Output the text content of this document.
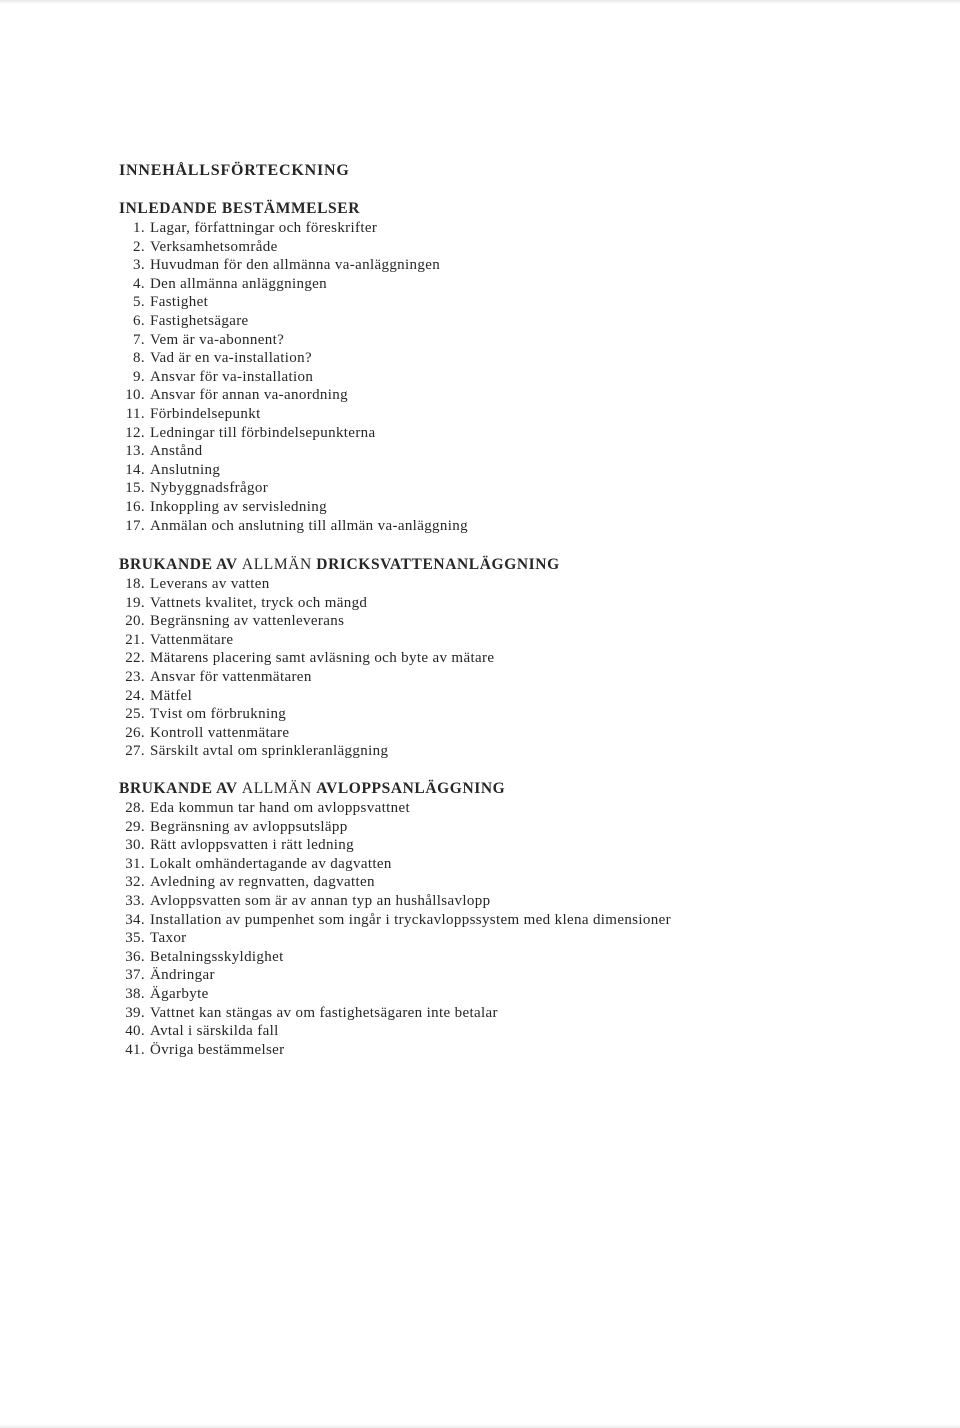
INNEHÅLLSFÖRTECKNING
INLEDANDE BESTÄMMELSER
1 . Lagar, författningar och föreskrifter
2 . Verksamhetsområde
3 . Huvudman för den allmänna va-anläggningen
4 . Den allmänna anläggningen
5 . Fastighet
6 . Fastighetsägare
7 . Vem är va-abonnent?
8 . Vad är en va-installation?
9 . Ansvar för va-installation
10 . Ansvar för annan va-anordning
11 . Förbindelsepunkt
12 . Ledningar till förbindelsepunkterna
13 . Anstånd
14 . Anslutning
15 . Nybyggnadsfrågor
16 . Inkoppling av servisledning
17 . Anmälan och anslutning till allmän va-anläggning
BRUKANDE AV ALLMÄN DRICKSVATTENANLÄGGNING
18 . Leverans av vatten
19 . Vattnets kvalitet, tryck och mängd
20 . Begränsning av vattenleverans
21 . Vattenmätare
22 . Mätarens placering samt avläsning och byte av mätare
23 . Ansvar för vattenmätaren
24 . Mätfel
25 . Tvist om förbrukning
26 . Kontroll vattenmätare
27 . Särskilt avtal om sprinkleranläggning
BRUKANDE AV ALLMÄN AVLOPPSANLÄGGNING
28 . Eda kommun tar hand om avloppsvattnet
29 . Begränsning av avloppsutsläpp
30 . Rätt avloppsvatten i rätt ledning
31 . Lokalt omhändertagande av dagvatten
32 . Avledning av regnvatten, dagvatten
33 . Avloppsvatten som är av annan typ an hushållsavlopp
34 . Installation av pumpenhet som ingår i tryckavloppssystem med klena dimensioner
35 . Taxor
36 . Betalningsskyldighet
37 . Ändringar
38 . Ägarbyte
39 . Vattnet kan stängas av om fastighetsägaren inte betalar
40 . Avtal i särskilda fall
41 . Övriga bestämmelser
